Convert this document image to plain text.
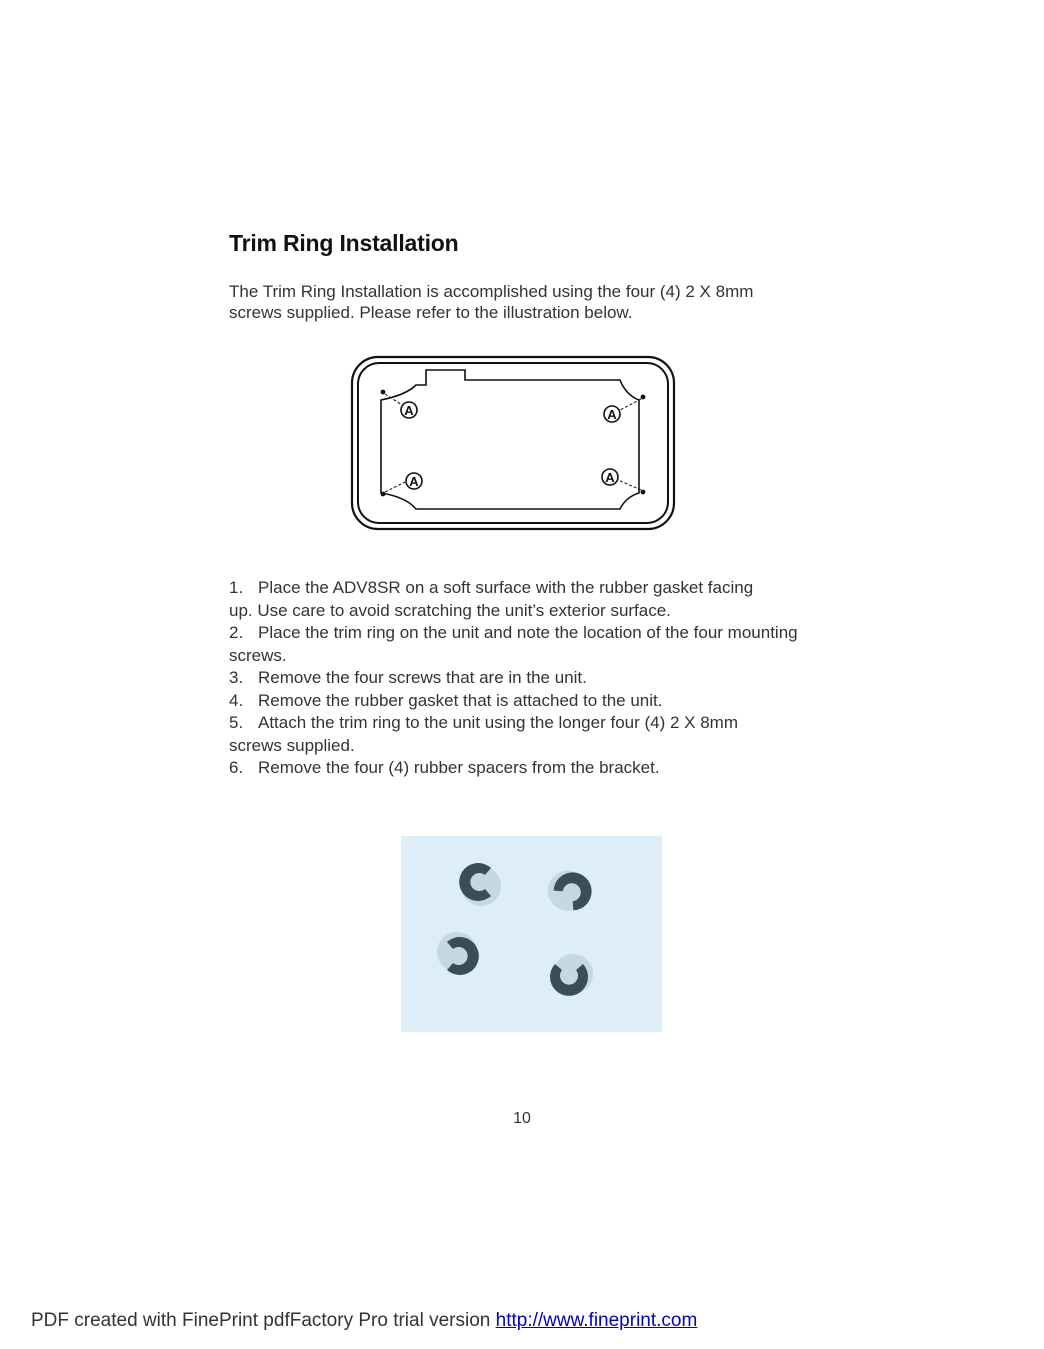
Trim Ring Installation

The Trim Ring Installation is accomplished using the four (4) 2 X 8mm

screws supplied. Please refer to the illustration below.

A	A
A	A

1. Place the ADV8SR on a soft surface with the rubber gasket facing
up. Use care to avoid scratching the unit’s exterior surface.

2. Place the trim ring on the unit and note the location of the four mounting
screws.

3. Remove the four screws that are in the unit.

4. Remove the rubber gasket that is attached to the unit.

5. Attach the trim ring to the unit using the longer four (4) 2 X 8mm
screws supplied.

6. Remove the four (4) rubber spacers from the bracket.

10
PDF created with FinePrint pdfFactory Pro trial version http://www.fineprint.com
